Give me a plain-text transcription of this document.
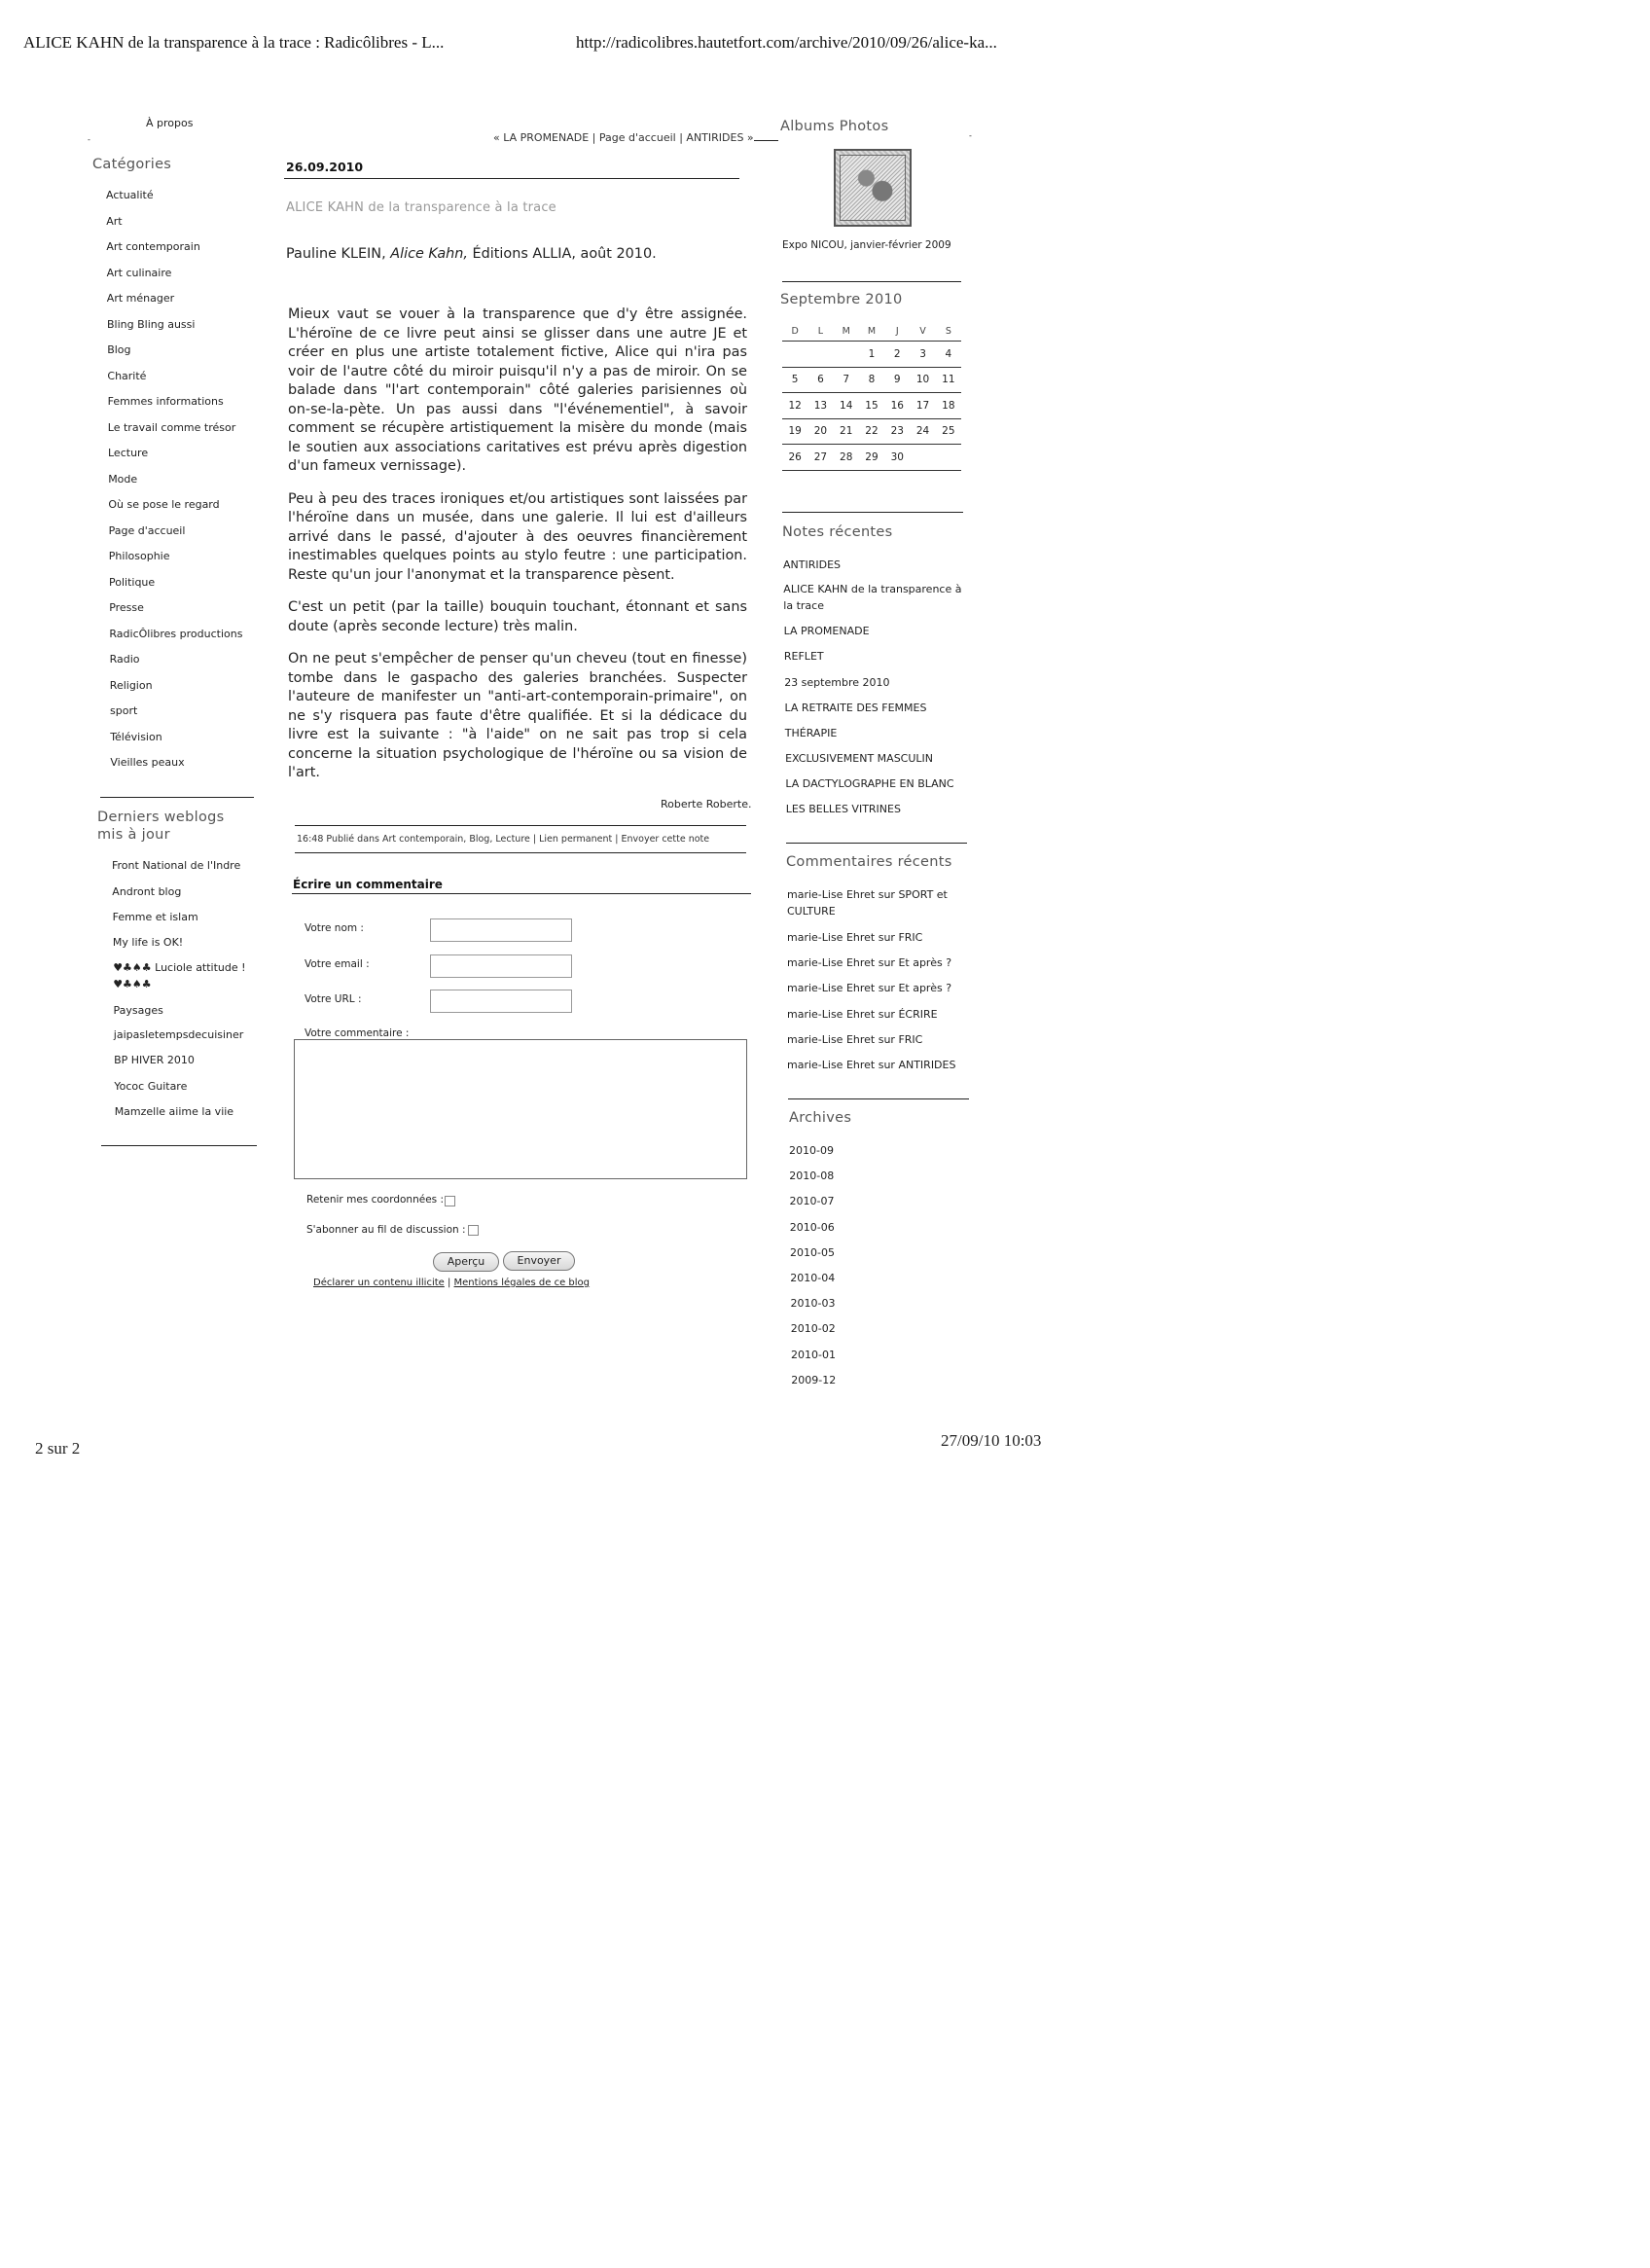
ALICE KAHN de la transparence à la trace : Radicôlibres - L...	http://radicolibres.hautetfort.com/archive/2010/09/26/alice-ka...
À propos
-
Catégories
Actualité
Art
Art contemporain
Art culinaire
Art ménager
Bling Bling aussi
Blog
Charité
Femmes informations
Le travail comme trésor
Lecture
Mode
Où se pose le regard
Page d'accueil
Philosophie
Politique
Presse
RadicÔlibres productions
Radio
Religion
sport
Télévision
Vieilles peaux
Derniers weblogs mis à jour
Front National de l'Indre
Andront blog
Femme et islam
My life is OK!
♥♣♠♣ Luciole attitude ! ♥♣♠♣
Paysages
jaipasletempsdecuisiner
BP HIVER 2010
Yococ Guitare
Mamzelle aiime la viie
« LA PROMENADE | Page d'accueil | ANTIRIDES »
26.09.2010
ALICE KAHN de la transparence à la trace
Pauline KLEIN, Alice Kahn, Éditions ALLIA, août 2010.

Mieux vaut se vouer à la transparence que d'y être assignée. L'héroïne de ce livre peut ainsi se glisser dans une autre JE et créer en plus une artiste totalement fictive, Alice qui n'ira pas voir de l'autre côté du miroir puisqu'il n'y a pas de miroir. On se balade dans "l'art contemporain" côté galeries parisiennes où on-se-la-pète. Un pas aussi dans "l'événementiel", à savoir comment se récupère artistiquement la misère du monde (mais le soutien aux associations caritatives est prévu après digestion d'un fameux vernissage).

Peu à peu des traces ironiques et/ou artistiques sont laissées par l'héroïne dans un musée, dans une galerie. Il lui est d'ailleurs arrivé dans le passé, d'ajouter à des oeuvres financièrement inestimables quelques points au stylo feutre : une participation. Reste qu'un jour l'anonymat et la transparence pèsent.

C'est un petit (par la taille) bouquin touchant, étonnant et sans doute (après seconde lecture) très malin.

On ne peut s'empêcher de penser qu'un cheveu (tout en finesse) tombe dans le gaspacho des galeries branchées. Suspecter l'auteure de manifester un "anti-art-contemporain-primaire", on ne s'y risquera pas faute d'être qualifiée. Et si la dédicace du livre est la suivante : "à l'aide" on ne sait pas trop si cela concerne la situation psychologique de l'héroïne ou sa vision de l'art.

Roberte Roberte.
16:48 Publié dans Art contemporain, Blog, Lecture | Lien permanent | Envoyer cette note
Écrire un commentaire
Votre nom :
Votre email :
Votre URL :
Votre commentaire :
Retenir mes coordonnées :
S'abonner au fil de discussion :
Aperçu	Envoyer
Déclarer un contenu illicite | Mentions légales de ce blog
Albums Photos
-
Expo NICOU, janvier-février 2009
Septembre 2010
D	L	M	M	J	V	S
			1	2	3	4
5	6	7	8	9	10	11
12	13	14	15	16	17	18
19	20	21	22	23	24	25
26	27	28	29	30		
Notes récentes
ANTIRIDES
ALICE KAHN de la transparence à la trace
LA PROMENADE
REFLET
23 septembre 2010
LA RETRAITE DES FEMMES
THÉRAPIE
EXCLUSIVEMENT MASCULIN
LA DACTYLOGRAPHE EN BLANC
LES BELLES VITRINES
Commentaires récents
marie-Lise Ehret sur SPORT et CULTURE
marie-Lise Ehret sur FRIC
marie-Lise Ehret sur Et après ?
marie-Lise Ehret sur Et après ?
marie-Lise Ehret sur ÉCRIRE
marie-Lise Ehret sur FRIC
marie-Lise Ehret sur ANTIRIDES
Archives
2010-09
2010-08
2010-07
2010-06
2010-05
2010-04
2010-03
2010-02
2010-01
2009-12
2 sur 2	27/09/10 10:03
